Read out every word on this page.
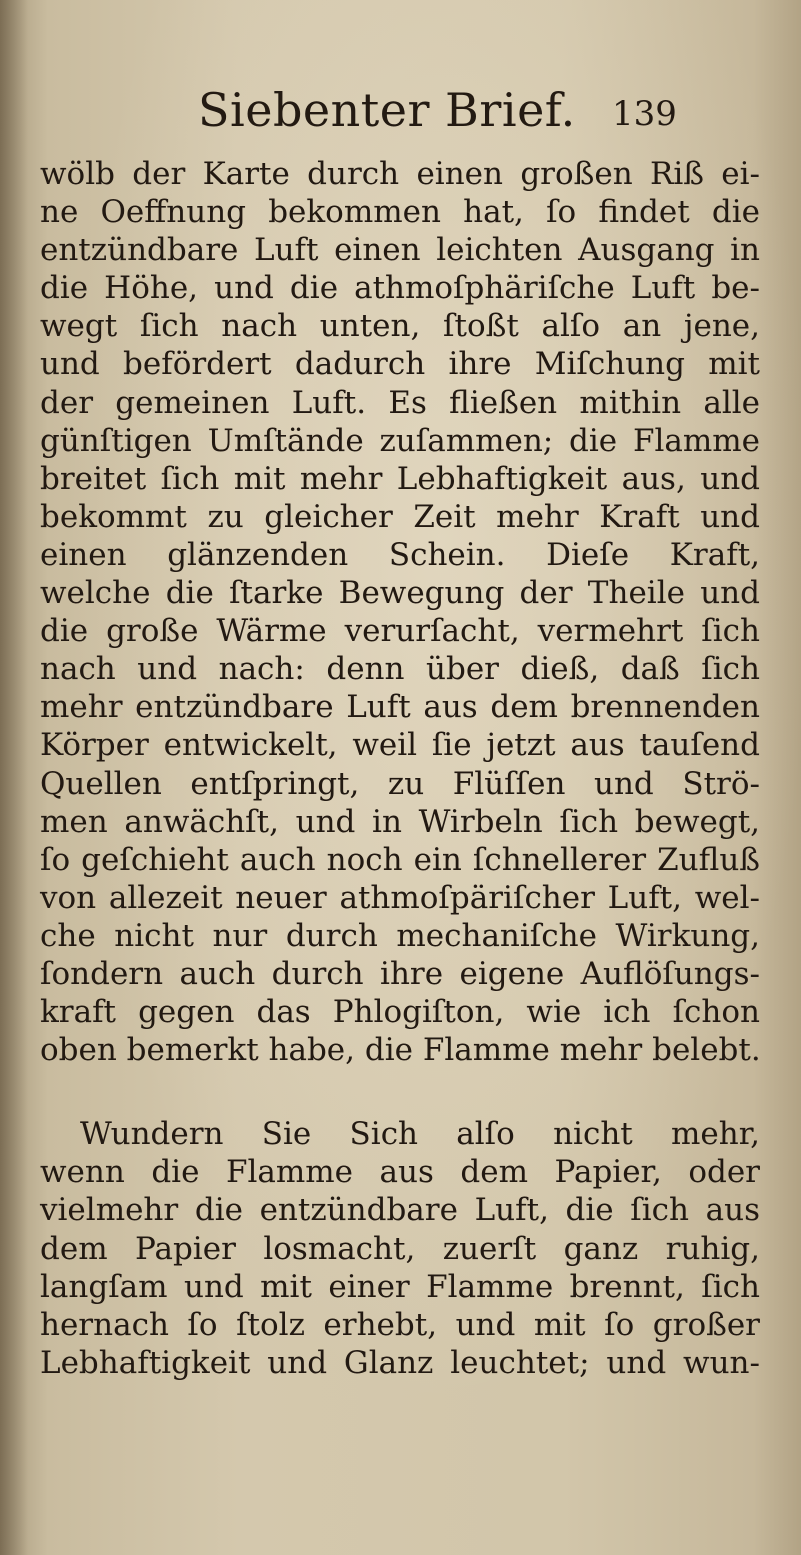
Siebenter Brief. 139
wölb der Karte durch einen großen Riß ei-
ne Oeffnung bekommen hat, ſo findet die
entzündbare Luft einen leichten Ausgang in
die Höhe, und die athmoſphäriſche Luft be-
wegt ſich nach unten, ſtoßt alſo an jene,
und befördert dadurch ihre Miſchung mit
der gemeinen Luft. Es fließen mithin alle
günſtigen Umſtände zuſammen; die Flamme
breitet ſich mit mehr Lebhaftigkeit aus, und
bekommt zu gleicher Zeit mehr Kraft und
einen glänzenden Schein. Dieſe Kraft,
welche die ſtarke Bewegung der Theile und
die große Wärme verurſacht, vermehrt ſich
nach und nach: denn über dieß, daß ſich
mehr entzündbare Luft aus dem brennenden
Körper entwickelt, weil ſie jetzt aus tauſend
Quellen entſpringt, zu Flüſſen und Strö-
men anwächſt, und in Wirbeln ſich bewegt,
ſo geſchieht auch noch ein ſchnellerer Zufluß
von allezeit neuer athmoſpäriſcher Luft, wel-
che nicht nur durch mechaniſche Wirkung,
ſondern auch durch ihre eigene Auflöſungs-
kraft gegen das Phlogiſton, wie ich ſchon
oben bemerkt habe, die Flamme mehr belebt.
Wundern Sie Sich alſo nicht mehr,
wenn die Flamme aus dem Papier, oder
vielmehr die entzündbare Luft, die ſich aus
dem Papier losmacht, zuerſt ganz ruhig,
langſam und mit einer Flamme brennt, ſich
hernach ſo ſtolz erhebt, und mit ſo großer
Lebhaftigkeit und Glanz leuchtet; und wun-
